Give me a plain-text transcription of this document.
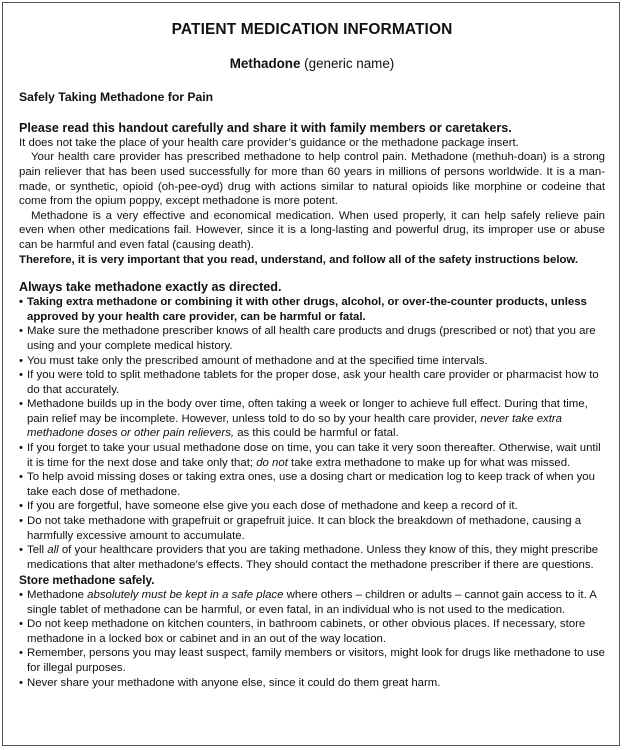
PATIENT MEDICATION INFORMATION
Methadone (generic name)
Safely Taking Methadone for Pain
Please read this handout carefully and share it with family members or caretakers.

It does not take the place of your health care provider’s guidance or the methadone package insert.

Your health care provider has prescribed methadone to help control pain. Methadone (methuh-doan) is a strong pain reliever that has been used successfully for more than 60 years in millions of persons worldwide. It is a man-made, or synthetic, opioid (oh-pee-oyd) drug with actions similar to natural opioids like morphine or codeine that come from the opium poppy, except methadone is more potent.

Methadone is a very effective and economical medication. When used properly, it can help safely relieve pain even when other medications fail. However, since it is a long-lasting and powerful drug, its improper use or abuse can be harmful and even fatal (causing death).

Therefore, it is very important that you read, understand, and follow all of the safety instructions below.

Always take methadone exactly as directed.
• Taking extra methadone or combining it with other drugs, alcohol, or over-the-counter products, unless approved by your health care provider, can be harmful or fatal.
• Make sure the methadone prescriber knows of all health care products and drugs (prescribed or not) that you are using and your complete medical history.
• You must take only the prescribed amount of methadone and at the specified time intervals.
• If you were told to split methadone tablets for the proper dose, ask your health care provider or pharmacist how to do that accurately.
• Methadone builds up in the body over time, often taking a week or longer to achieve full effect. During that time, pain relief may be incomplete. However, unless told to do so by your health care provider, never take extra methadone doses or other pain relievers, as this could be harmful or fatal.
• If you forget to take your usual methadone dose on time, you can take it very soon thereafter. Otherwise, wait until it is time for the next dose and take only that; do not take extra methadone to make up for what was missed.
• To help avoid missing doses or taking extra ones, use a dosing chart or medication log to keep track of when you take each dose of methadone.
• If you are forgetful, have someone else give you each dose of methadone and keep a record of it.
• Do not take methadone with grapefruit or grapefruit juice. It can block the breakdown of methadone, causing a harmfully excessive amount to accumulate.
• Tell all of your healthcare providers that you are taking methadone. Unless they know of this, they might prescribe medications that alter methadone’s effects. They should contact the methadone prescriber if there are questions.
Store methadone safely.
• Methadone absolutely must be kept in a safe place where others – children or adults – cannot gain access to it. A single tablet of methadone can be harmful, or even fatal, in an individual who is not used to the medication.
• Do not keep methadone on kitchen counters, in bathroom cabinets, or other obvious places. If necessary, store methadone in a locked box or cabinet and in an out of the way location.
• Remember, persons you may least suspect, family members or visitors, might look for drugs like methadone to use for illegal purposes.
• Never share your methadone with anyone else, since it could do them great harm.
